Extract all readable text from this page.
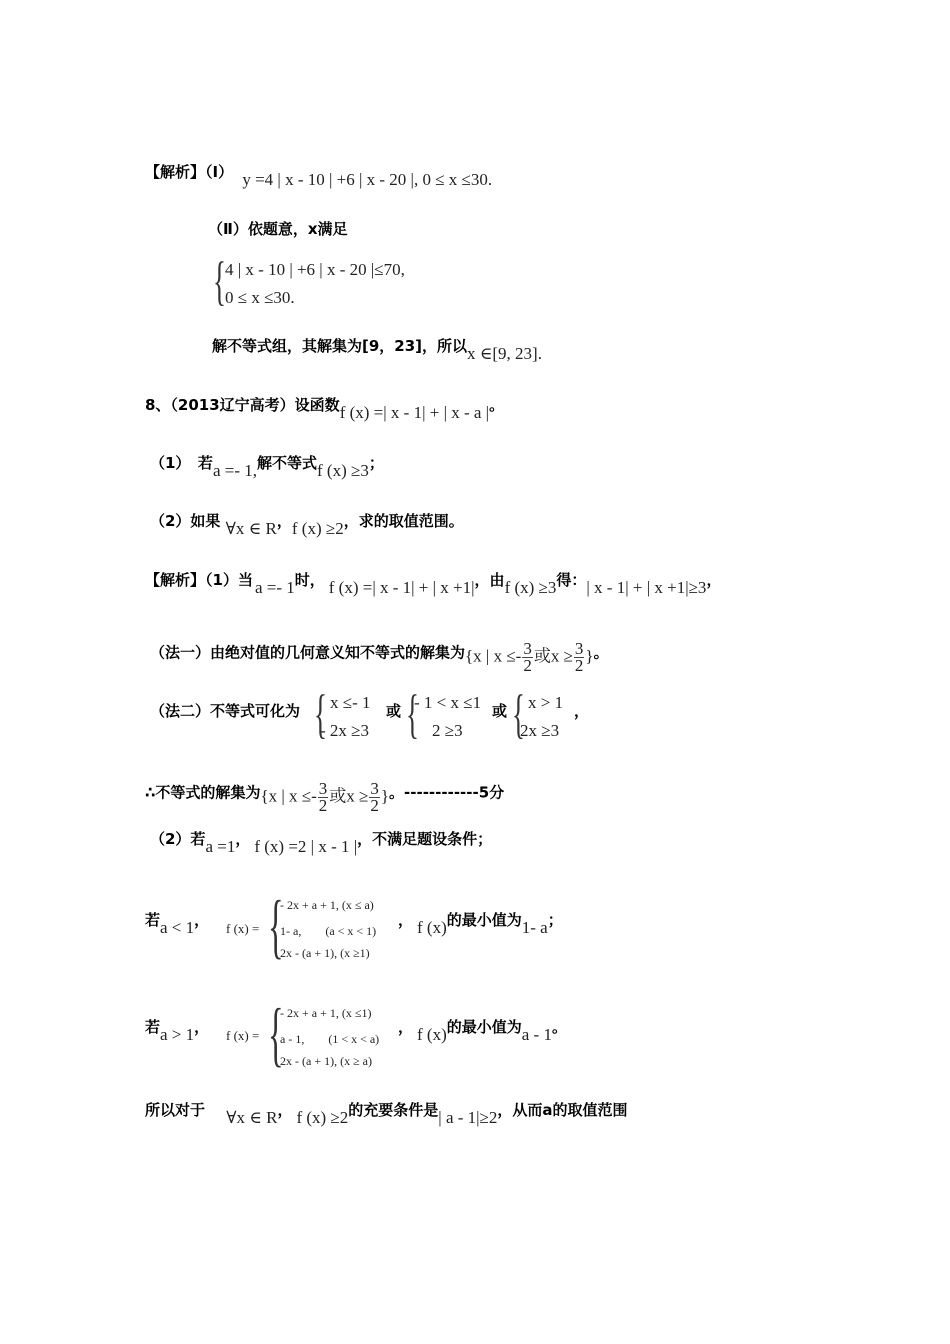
【解析】（Ⅰ） y =4 | x - 10 | +6 | x - 20 |, 0 ≤ x ≤30.
（Ⅱ）依题意，x满足
{ 4 | x - 10 | +6 | x - 20 |≤70,
0 ≤ x ≤30.
解不等式组，其解集为[9，23]，所以x ∈[9, 23].
8、（2013辽宁高考）设函数f (x) =| x - 1| + | x - a |。
（1）　若a =- 1,解不等式f (x) ≥3；
（2）如果 ∀x ∈ R，f (x) ≥2，求的取值范围。
【解析】（1）当 a =- 1时， f (x) =| x - 1| + | x +1|，由f (x) ≥3得：| x - 1| + | x +1|≥3，
（法一）由绝对值的几何意义知不等式的解集为{x | $x \le- \frac{3}{2}$ 或$x \ge \frac{3}{2}$ }。
（法二）不等式可化为 { x ≤- 1
- 2x ≥3
或 {
- 1 < x ≤1
2 ≥3
或 { x > 1
2x ≥3
，
∴不等式的解集为{x | $x \le- \frac{3}{2}$ 或$x \ge \frac{3}{2}$ }。------------5分
（2）若a =1， f (x) =2 | x - 1 |，不满足题设条件；
若a < 1， f (x) = {
- 2x + a + 1, (x ≤ a)
1- a,　　(a < x < 1)
2x - (a + 1), (x ≥1)
， f (x)的最小值为1- a；
若a > 1， f (x) = {
- 2x + a + 1, (x ≤1)
a - 1,　　(1 < x < a)
2x - (a + 1), (x ≥ a)
， f (x)的最小值为a - 1。
所以对于 ∀x ∈ R， f (x) ≥2的充要条件是| a - 1|≥2，从而a的取值范围
